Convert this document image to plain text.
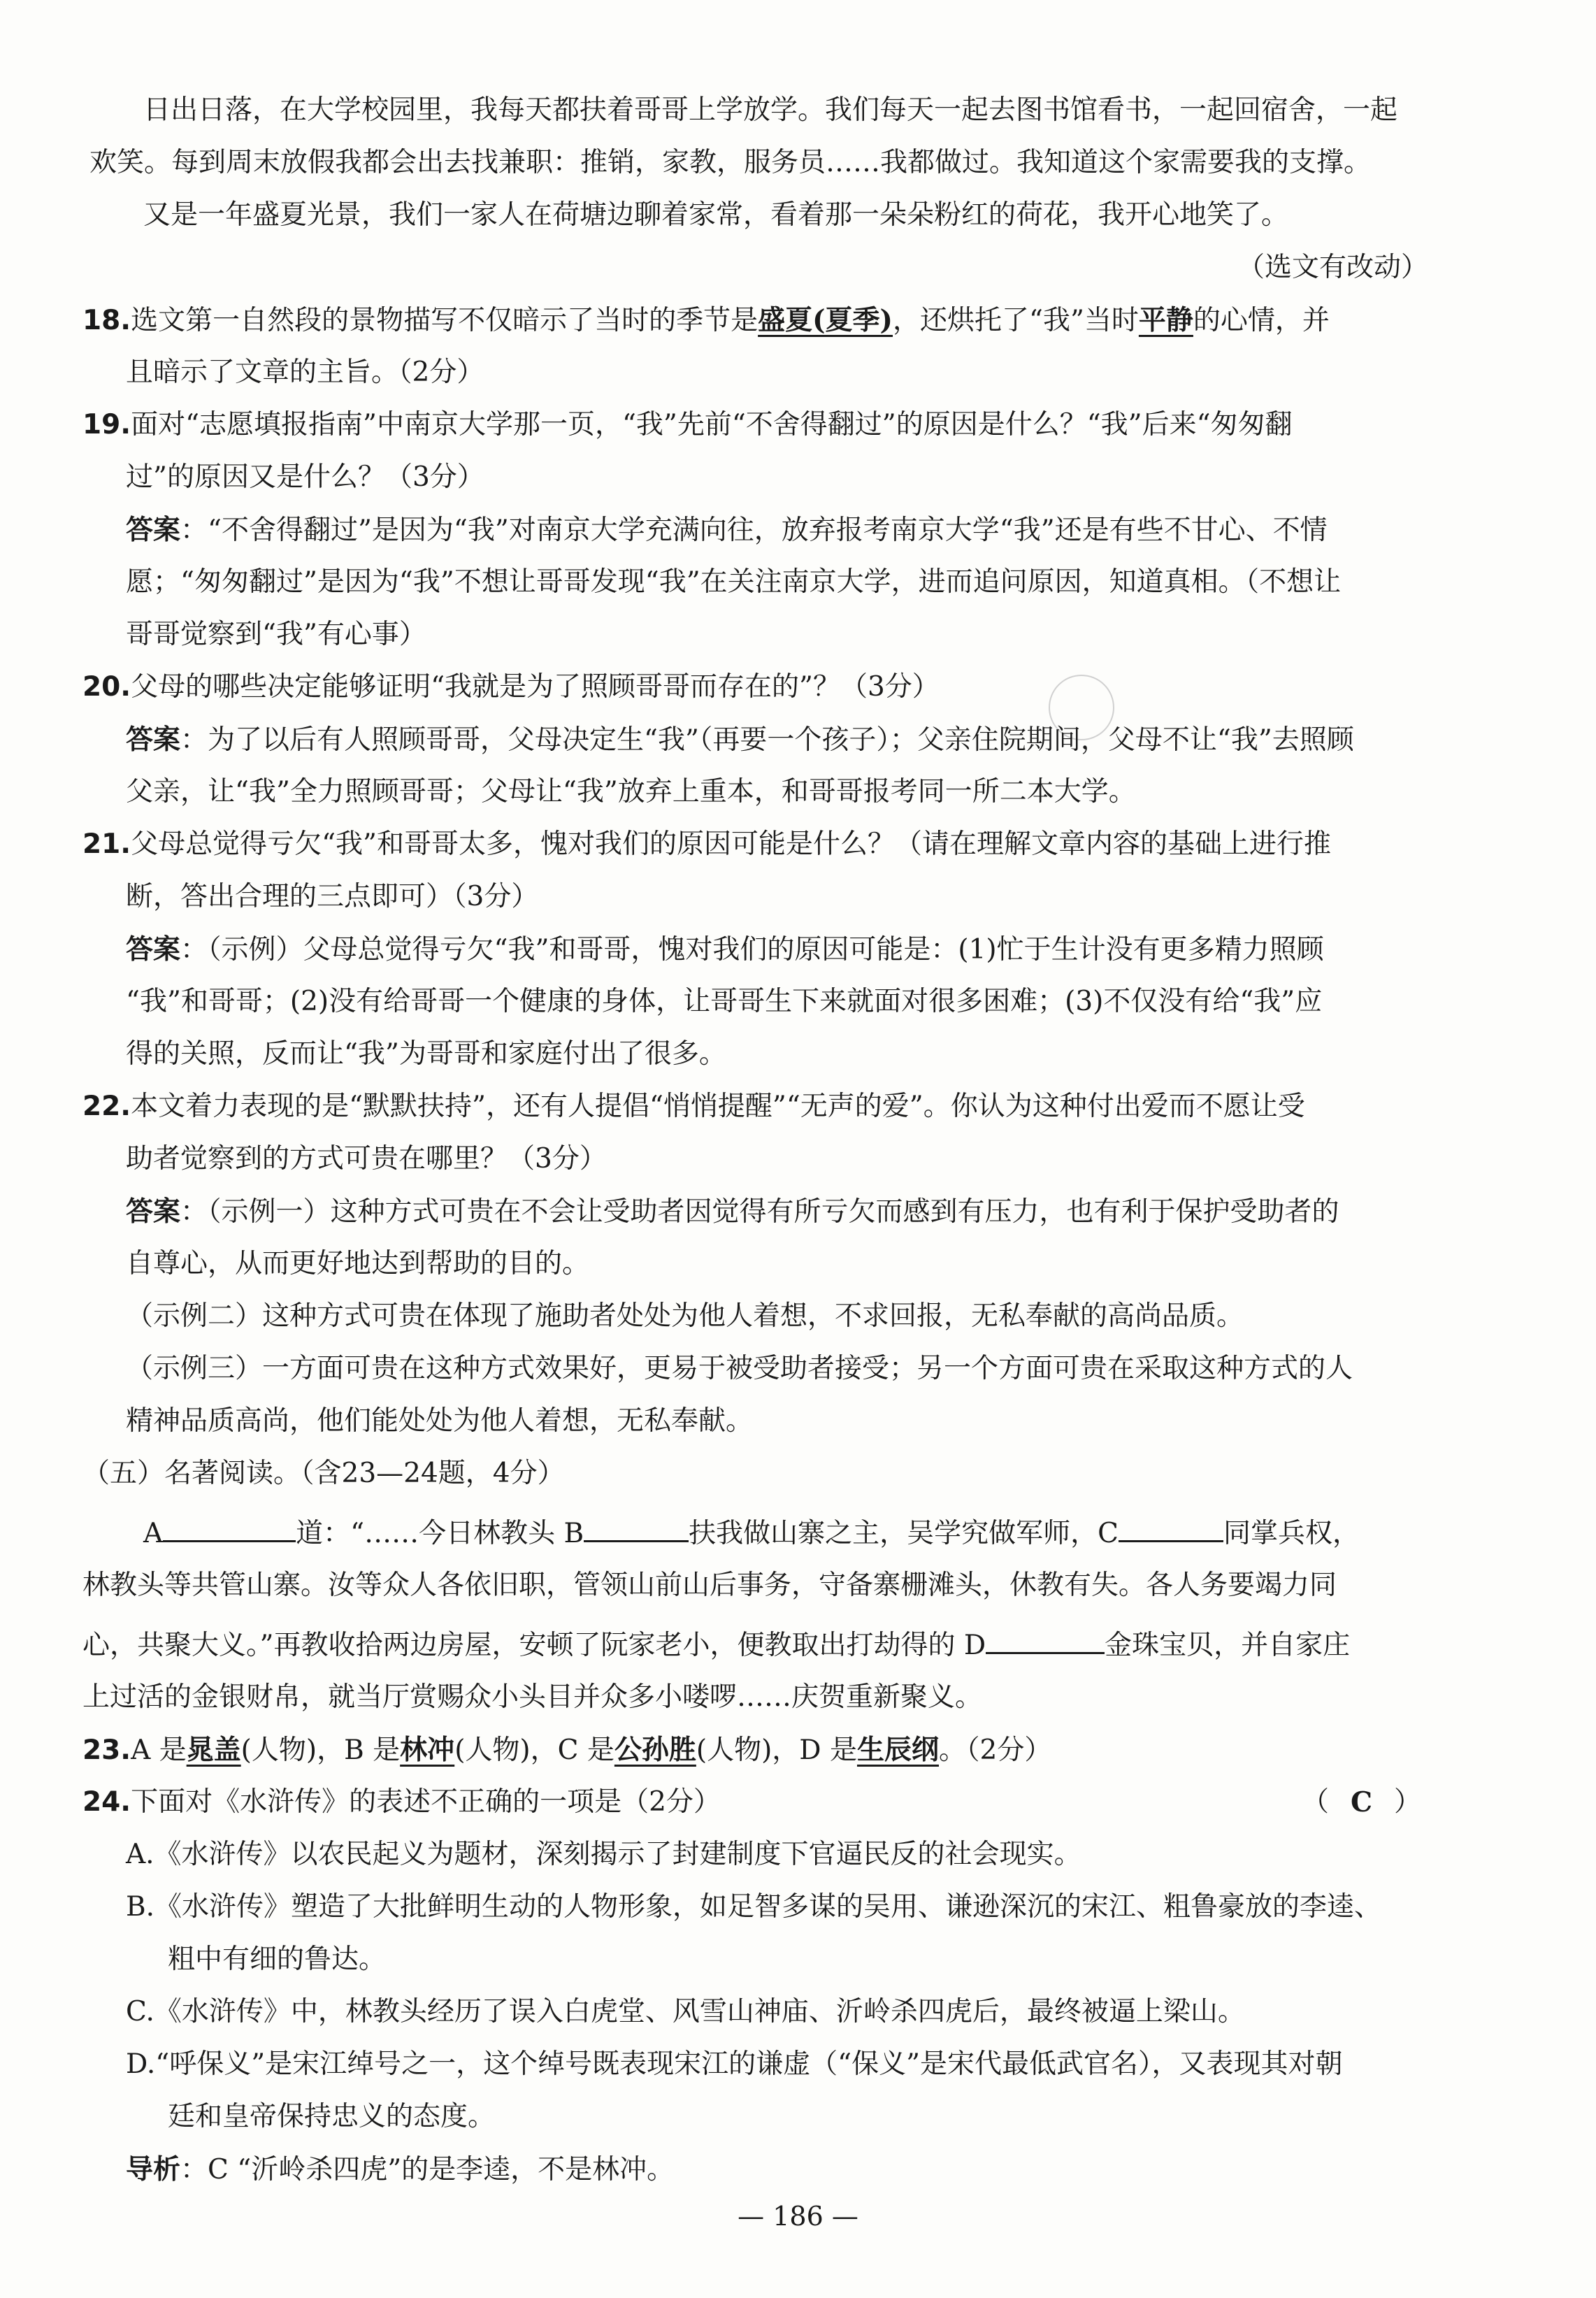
日出日落，在大学校园里，我每天都扶着哥哥上学放学。我们每天一起去图书馆看书，一起回宿舍，一起
欢笑。每到周末放假我都会出去找兼职：推销，家教，服务员……我都做过。我知道这个家需要我的支撑。
又是一年盛夏光景，我们一家人在荷塘边聊着家常，看着那一朵朵粉红的荷花，我开心地笑了。
（选文有改动）
18.选文第一自然段的景物描写不仅暗示了当时的季节是盛夏(夏季)，还烘托了“我”当时平静的心情，并
且暗示了文章的主旨。（2分）
19.面对“志愿填报指南”中南京大学那一页，“我”先前“不舍得翻过”的原因是什么？“我”后来“匆匆翻
过”的原因又是什么？（3分）
答案：“不舍得翻过”是因为“我”对南京大学充满向往，放弃报考南京大学“我”还是有些不甘心、不情
愿；“匆匆翻过”是因为“我”不想让哥哥发现“我”在关注南京大学，进而追问原因，知道真相。（不想让
哥哥觉察到“我”有心事）
20.父母的哪些决定能够证明“我就是为了照顾哥哥而存在的”？（3分）
答案：为了以后有人照顾哥哥，父母决定生“我”（再要一个孩子）；父亲住院期间，父母不让“我”去照顾
父亲，让“我”全力照顾哥哥；父母让“我”放弃上重本，和哥哥报考同一所二本大学。
21.父母总觉得亏欠“我”和哥哥太多，愧对我们的原因可能是什么？（请在理解文章内容的基础上进行推
断，答出合理的三点即可）（3分）
答案：（示例）父母总觉得亏欠“我”和哥哥，愧对我们的原因可能是：(1)忙于生计没有更多精力照顾
“我”和哥哥；(2)没有给哥哥一个健康的身体，让哥哥生下来就面对很多困难；(3)不仅没有给“我”应
得的关照，反而让“我”为哥哥和家庭付出了很多。
22.本文着力表现的是“默默扶持”，还有人提倡“悄悄提醒”“无声的爱”。你认为这种付出爱而不愿让受
助者觉察到的方式可贵在哪里？（3分）
答案：（示例一）这种方式可贵在不会让受助者因觉得有所亏欠而感到有压力，也有利于保护受助者的
自尊心，从而更好地达到帮助的目的。
（示例二）这种方式可贵在体现了施助者处处为他人着想，不求回报，无私奉献的高尚品质。
（示例三）一方面可贵在这种方式效果好，更易于被受助者接受；另一个方面可贵在采取这种方式的人
精神品质高尚，他们能处处为他人着想，无私奉献。
（五）名著阅读。（含23—24题，4分）
A	道：“……今日林教头 B	扶我做山寨之主，吴学究做军师，C	同掌兵权，
林教头等共管山寨。汝等众人各依旧职，管领山前山后事务，守备寨栅滩头，休教有失。各人务要竭力同
心，共聚大义。”再教收拾两边房屋，安顿了阮家老小，便教取出打劫得的 D	金珠宝贝，并自家庄
上过活的金银财帛，就当厅赏赐众小头目并众多小喽啰……庆贺重新聚义。
23.A 是晁盖(人物)，B 是林冲(人物)，C 是公孙胜(人物)，D 是生辰纲。（2分）
24.下面对《水浒传》的表述不正确的一项是（2分）	（ C ）
A.《水浒传》以农民起义为题材，深刻揭示了封建制度下官逼民反的社会现实。
B.《水浒传》塑造了大批鲜明生动的人物形象，如足智多谋的吴用、谦逊深沉的宋江、粗鲁豪放的李逵、
粗中有细的鲁达。
C.《水浒传》中，林教头经历了误入白虎堂、风雪山神庙、沂岭杀四虎后，最终被逼上梁山。
D.“呼保义”是宋江绰号之一，这个绰号既表现宋江的谦虚（“保义”是宋代最低武官名），又表现其对朝
廷和皇帝保持忠义的态度。
导析：C “沂岭杀四虎”的是李逵，不是林冲。
— 186 —
